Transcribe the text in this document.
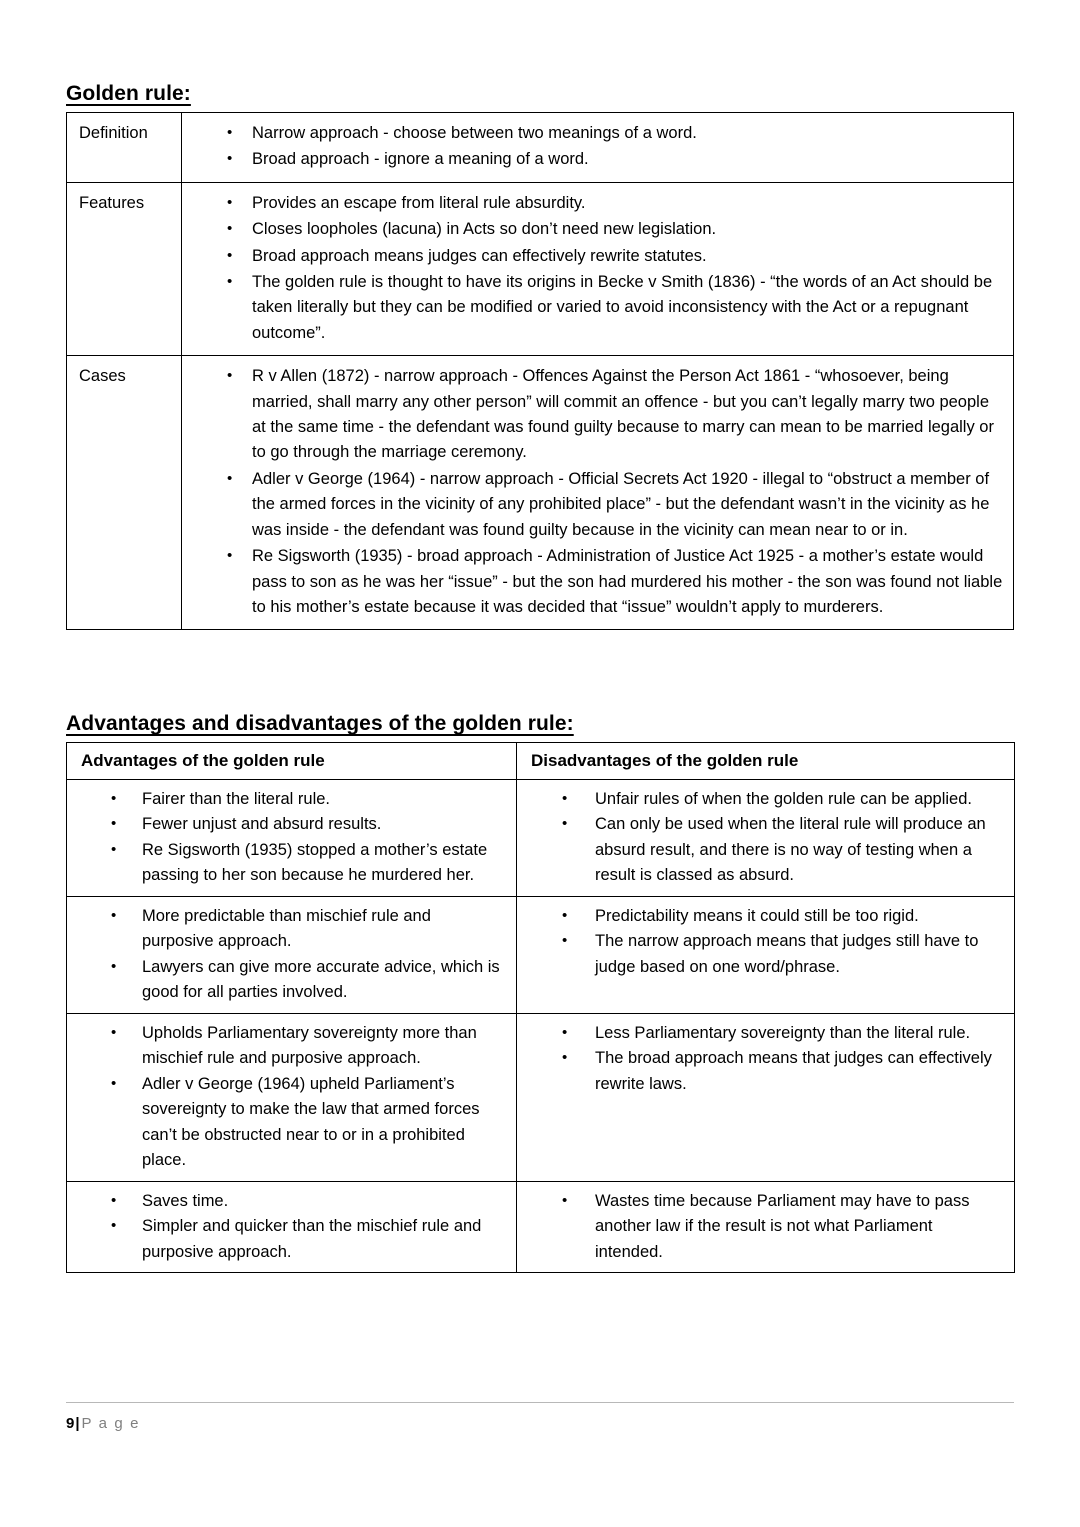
Golden rule:
Definition	
•Narrow approach - choose between two meanings of a word.
• Broad approach - ignore a meaning of a word.

Features	
•Provides an escape from literal rule absurdity.
• Closes loopholes (lacuna) in Acts so don’t need new legislation.
• Broad approach means judges can effectively rewrite statutes.
• The golden rule is thought to have its origins in Becke v Smith (1836) - “the words of an Act should be taken literally but they can be modified or varied to avoid inconsistency with the Act or a repugnant outcome”.

Cases	
•R v Allen (1872) - narrow approach - Offences Against the Person Act 1861 - “whosoever, being married, shall marry any other person” will commit an offence - but you can’t legally marry two people at the same time - the defendant was found guilty because to marry can mean to be married legally or to go through the marriage ceremony.
• Adler v George (1964) - narrow approach - Official Secrets Act 1920 - illegal to “obstruct a member of the armed forces in the vicinity of any prohibited place” - but the defendant wasn’t in the vicinity as he was inside - the defendant was found guilty because in the vicinity can mean near to or in.
• Re Sigsworth (1935) - broad approach - Administration of Justice Act 1925 - a mother’s estate would pass to son as he was her “issue” - but the son had murdered his mother - the son was found not liable to his mother’s estate because it was decided that “issue” wouldn’t apply to murderers.
Advantages and disadvantages of the golden rule:
Advantages of the golden rule	Disadvantages of the golden rule

• Fairer than the literal rule.
• Fewer unjust and absurd results.
• Re Sigsworth (1935) stopped a mother’s estate passing to her son because he murdered her.

• Unfair rules of when the golden rule can be applied.
• Can only be used when the literal rule will produce an absurd result, and there is no way of testing when a result is classed as absurd.

• More predictable than mischief rule and purposive approach.
• Lawyers can give more accurate advice, which is good for all parties involved.

• Predictability means it could still be too rigid.
• The narrow approach means that judges still have to judge based on one word/phrase.

• Upholds Parliamentary sovereignty more than mischief rule and purposive approach.
• Adler v George (1964) upheld Parliament’s sovereignty to make the law that armed forces can’t be obstructed near to or in a prohibited place.

• Less Parliamentary sovereignty than the literal rule.
• The broad approach means that judges can effectively rewrite laws.

• Saves time.
• Simpler and quicker than the mischief rule and purposive approach.

• Wastes time because Parliament may have to pass another law if the result is not what Parliament intended.
9| P a g e
